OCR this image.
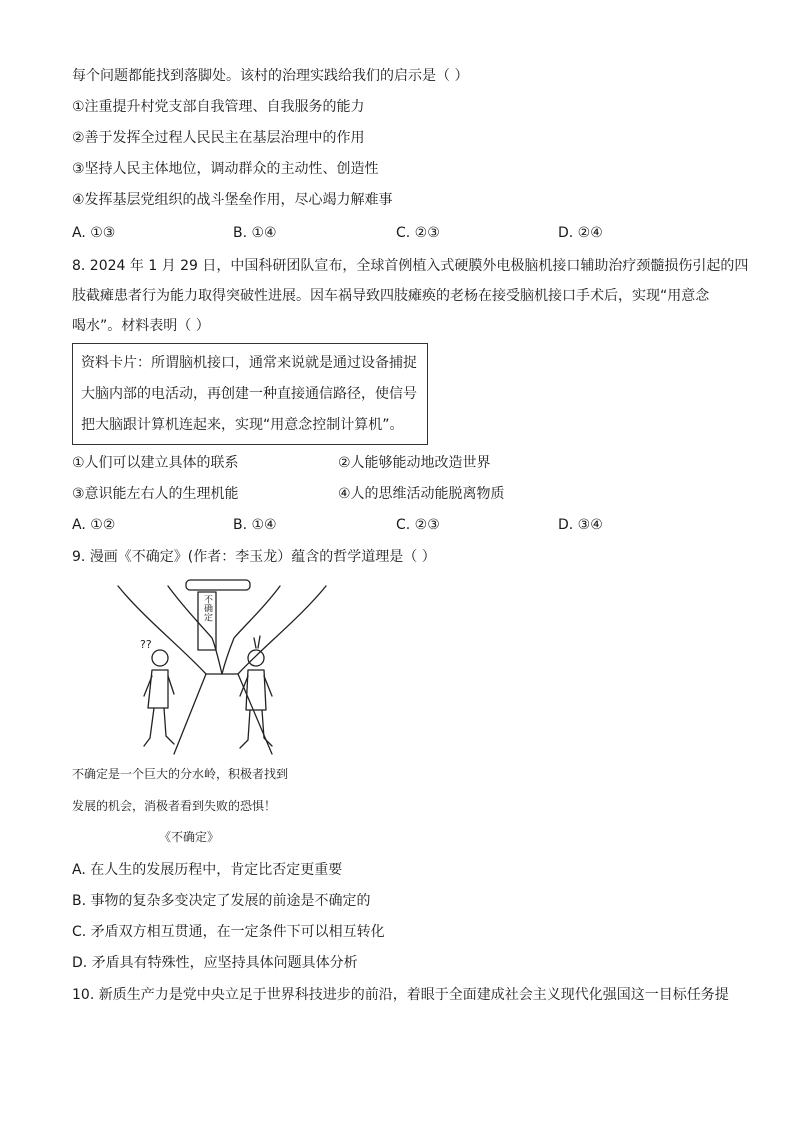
每个问题都能找到落脚处。该村的治理实践给我们的启示是（ ）
①注重提升村党支部自我管理、自我服务的能力
②善于发挥全过程人民民主在基层治理中的作用
③坚持人民主体地位，调动群众的主动性、创造性
④发挥基层党组织的战斗堡垒作用，尽心竭力解难事
A. ①③	B. ①④	C. ②③	D. ②④
8. 2024 年 1 月 29 日，中国科研团队宣布，全球首例植入式硬膜外电极脑机接口辅助治疗颈髓损伤引起的四
肢截瘫患者行为能力取得突破性进展。因车祸导致四肢瘫痪的老杨在接受脑机接口手术后，实现“用意念
喝水”。材料表明（ ）
资料卡片：所谓脑机接口，通常来说就是通过设备捕捉
大脑内部的电活动，再创建一种直接通信路径，使信号
把大脑跟计算机连起来，实现“用意念控制计算机”。
①人们可以建立具体的联系	②人能够能动地改造世界
③意识能左右人的生理机能	④人的思维活动能脱离物质
A. ①②	B. ①④	C. ②③	D. ③④
9. 漫画《不确定》(作者：李玉龙）蕴含的哲学道理是（ ）
不确定
??
不确定是一个巨大的分水岭，积极者找到
发展的机会，消极者看到失败的恐惧！
《不确定》
A. 在人生的发展历程中，肯定比否定更重要
B. 事物的复杂多变决定了发展的前途是不确定的
C. 矛盾双方相互贯通，在一定条件下可以相互转化
D. 矛盾具有特殊性，应坚持具体问题具体分析
10. 新质生产力是党中央立足于世界科技进步的前沿，着眼于全面建成社会主义现代化强国这一目标任务提
